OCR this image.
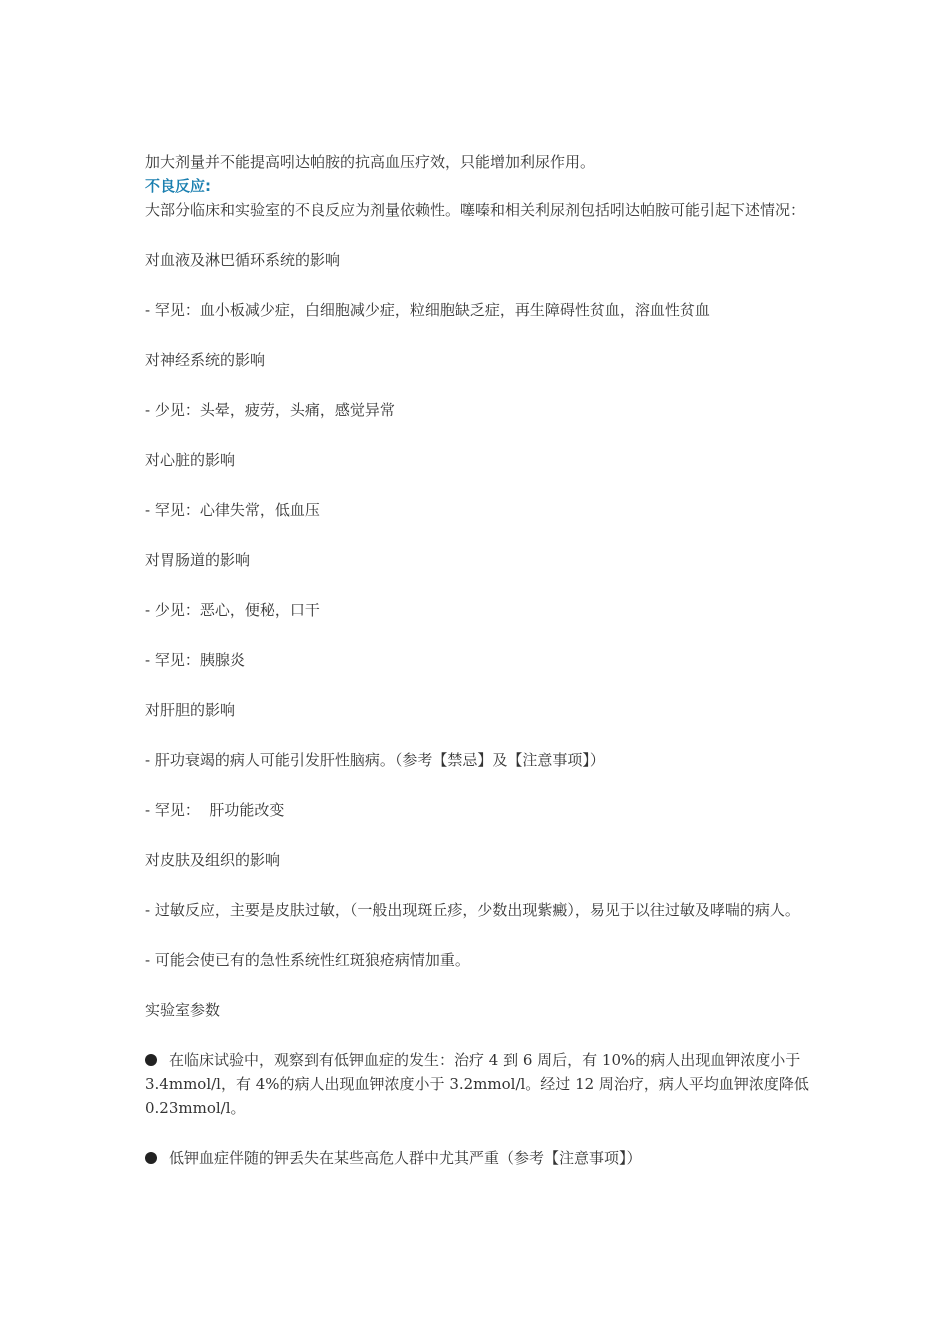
加大剂量并不能提高吲达帕胺的抗高血压疗效，只能增加利尿作用。

不良反应:

大部分临床和实验室的不良反应为剂量依赖性。噻嗪和相关利尿剂包括吲达帕胺可能引起下述情况：

对血液及淋巴循环系统的影响

- 罕见：血小板减少症，白细胞减少症，粒细胞缺乏症，再生障碍性贫血，溶血性贫血

对神经系统的影响

- 少见：头晕，疲劳，头痛，感觉异常

对心脏的影响

- 罕见：心律失常，低血压

对胃肠道的影响

- 少见：恶心，便秘，口干

- 罕见：胰腺炎

对肝胆的影响

- 肝功衰竭的病人可能引发肝性脑病。（参考【禁忌】及【注意事项】）

- 罕见：  肝功能改变

对皮肤及组织的影响

- 过敏反应，主要是皮肤过敏，（一般出现斑丘疹，少数出现紫癜），易见于以往过敏及哮喘的病人。

- 可能会使已有的急性系统性红斑狼疮病情加重。

实验室参数

在临床试验中，观察到有低钾血症的发生：治疗 4 到 6 周后，有 10%的病人出现血钾浓度小于 3.4mmol/l，有 4%的病人出现血钾浓度小于 3.2mmol/l。经过 12 周治疗，病人平均血钾浓度降低 0.23mmol/l。

低钾血症伴随的钾丢失在某些高危人群中尤其严重（参考【注意事项】）
